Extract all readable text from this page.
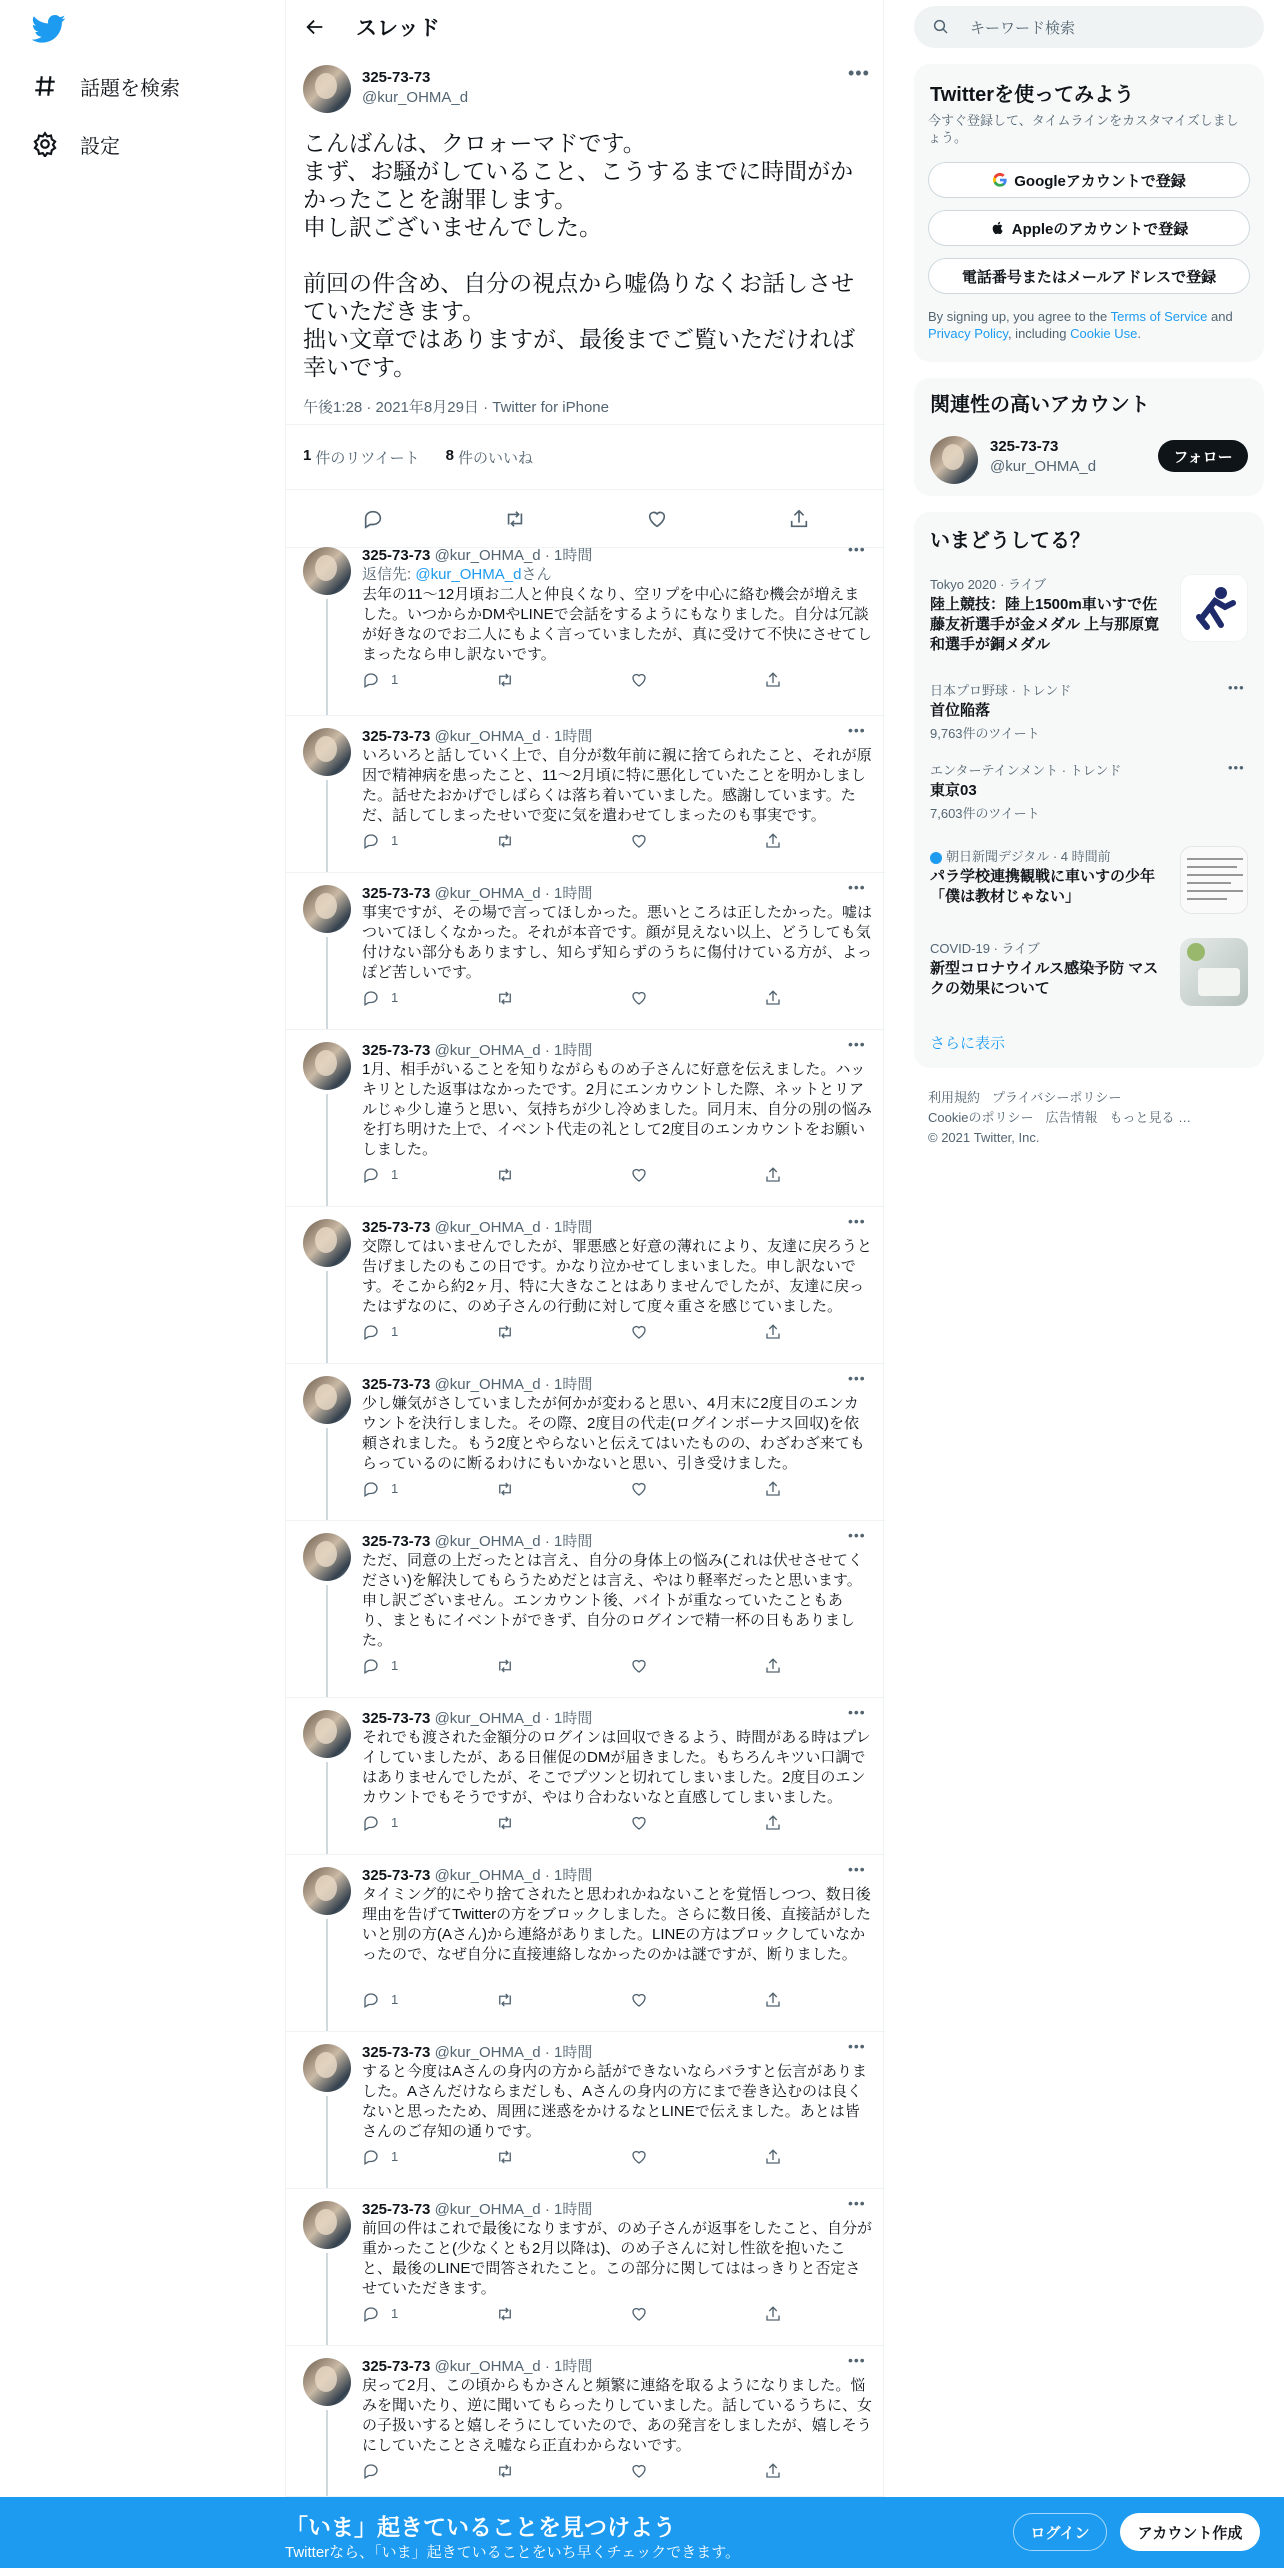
話題を検索
設定
スレッド
325-73-73
@kur_OHMA_d
•••
こんばんは、クロォーマドです。
まず、お騒がしていること、こうするまでに時間がかかったことを謝罪します。
申し訳ございませんでした。

前回の件含め、自分の視点から嘘偽りなくお話しさせていただきます。
拙い文章ではありますが、最後までご覧いただければ幸いです。
午後1:28 · 2021年8月29日 · Twitter for iPhone
1 件のリツイート 8 件のいいね
325-73-73 @kur_OHMA_d · 1時間	•••
返信先: @kur_OHMA_dさん
去年の11〜12月頃お二人と仲良くなり、空リプを中心に絡む機会が増えました。いつからかDMやLINEで会話をするようにもなりました。自分は冗談が好きなのでお二人にもよく言っていましたが、真に受けて不快にさせてしまったなら申し訳ないです。
1
325-73-73 @kur_OHMA_d · 1時間	•••
いろいろと話していく上で、自分が数年前に親に捨てられたこと、それが原因で精神病を患ったこと、11〜2月頃に特に悪化していたことを明かしました。話せたおかげでしばらくは落ち着いていました。感謝しています。ただ、話してしまったせいで変に気を遣わせてしまったのも事実です。
1
325-73-73 @kur_OHMA_d · 1時間	•••
事実ですが、その場で言ってほしかった。悪いところは正したかった。嘘はついてほしくなかった。それが本音です。顔が見えない以上、どうしても気付けない部分もありますし、知らず知らずのうちに傷付けている方が、よっぽど苦しいです。
1
325-73-73 @kur_OHMA_d · 1時間	•••
1月、相手がいることを知りながらものめ子さんに好意を伝えました。ハッキリとした返事はなかったです。2月にエンカウントした際、ネットとリアルじゃ少し違うと思い、気持ちが少し冷めました。同月末、自分の別の悩みを打ち明けた上で、イベント代走の礼として2度目のエンカウントをお願いしました。
1
325-73-73 @kur_OHMA_d · 1時間	•••
交際してはいませんでしたが、罪悪感と好意の薄れにより、友達に戻ろうと告げましたのもこの日です。かなり泣かせてしまいました。申し訳ないです。そこから約2ヶ月、特に大きなことはありませんでしたが、友達に戻ったはずなのに、のめ子さんの行動に対して度々重さを感じていました。
1
325-73-73 @kur_OHMA_d · 1時間	•••
少し嫌気がさしていましたが何かが変わると思い、4月末に2度目のエンカウントを決行しました。その際、2度目の代走(ログインボーナス回収)を依頼されました。もう2度とやらないと伝えてはいたものの、わざわざ来てもらっているのに断るわけにもいかないと思い、引き受けました。
1
325-73-73 @kur_OHMA_d · 1時間	•••
ただ、同意の上だったとは言え、自分の身体上の悩み(これは伏せさせてください)を解決してもらうためだとは言え、やはり軽率だったと思います。申し訳ございません。エンカウント後、バイトが重なっていたこともあり、まともにイベントができず、自分のログインで精一杯の日もありました。
1
325-73-73 @kur_OHMA_d · 1時間	•••
それでも渡された金額分のログインは回収できるよう、時間がある時はプレイしていましたが、ある日催促のDMが届きました。もちろんキツい口調ではありませんでしたが、そこでプツンと切れてしまいました。2度目のエンカウントでもそうですが、やはり合わないなと直感してしまいました。
1
325-73-73 @kur_OHMA_d · 1時間	•••
タイミング的にやり捨てされたと思われかねないことを覚悟しつつ、数日後理由を告げてTwitterの方をブロックしました。さらに数日後、直接話がしたいと別の方(Aさん)から連絡がありました。LINEの方はブロックしていなかったので、なぜ自分に直接連絡しなかったのかは謎ですが、断りました。
1
325-73-73 @kur_OHMA_d · 1時間	•••
すると今度はAさんの身内の方から話ができないならバラすと伝言がありました。Aさんだけならまだしも、Aさんの身内の方にまで巻き込むのは良くないと思ったため、周囲に迷惑をかけるなとLINEで伝えました。あとは皆さんのご存知の通りです。
1
325-73-73 @kur_OHMA_d · 1時間	•••
前回の件はこれで最後になりますが、のめ子さんが返事をしたこと、自分が重かったこと(少なくとも2月以降は)、のめ子さんに対し性欲を抱いたこと、最後のLINEで問答されたこと。この部分に関してははっきりと否定させていただきます。
1
325-73-73 @kur_OHMA_d · 1時間	•••
戻って2月、この頃からもかさんと頻繁に連絡を取るようになりました。悩みを聞いたり、逆に聞いてもらったりしていました。話しているうちに、女の子扱いすると嬉しそうにしていたので、あの発言をしましたが、嬉しそうにしていたことさえ嘘なら正直わからないです。
キーワード検索
Twitterを使ってみよう
今すぐ登録して、タイムラインをカスタマイズしましょう。
Googleアカウントで登録
Appleのアカウントで登録
電話番号またはメールアドレスで登録
By signing up, you agree to the Terms of Service and Privacy Policy, including Cookie Use.
関連性の高いアカウント
325-73-73
@kur_OHMA_d
フォロー
いまどうしてる？
Tokyo 2020 · ライブ
陸上競技：陸上1500m車いすで佐藤友祈選手が金メダル 上与那原寛和選手が銅メダル
日本プロ野球 · トレンド
首位陥落
9,763件のツイート
•••
エンターテインメント · トレンド
東京03
7,603件のツイート
•••
朝日新聞デジタル · 4 時間前
パラ学校連携観戦に車いすの少年「僕は教材じゃない」
COVID-19 · ライブ
新型コロナウイルス感染予防 マスクの効果について
さらに表示
利用規約 プライバシーポリシー
Cookieのポリシー 広告情報 もっと見る …
© 2021 Twitter, Inc.
「いま」起きていることを見つけよう
Twitterなら、「いま」起きていることをいち早くチェックできます。
ログイン	アカウント作成
